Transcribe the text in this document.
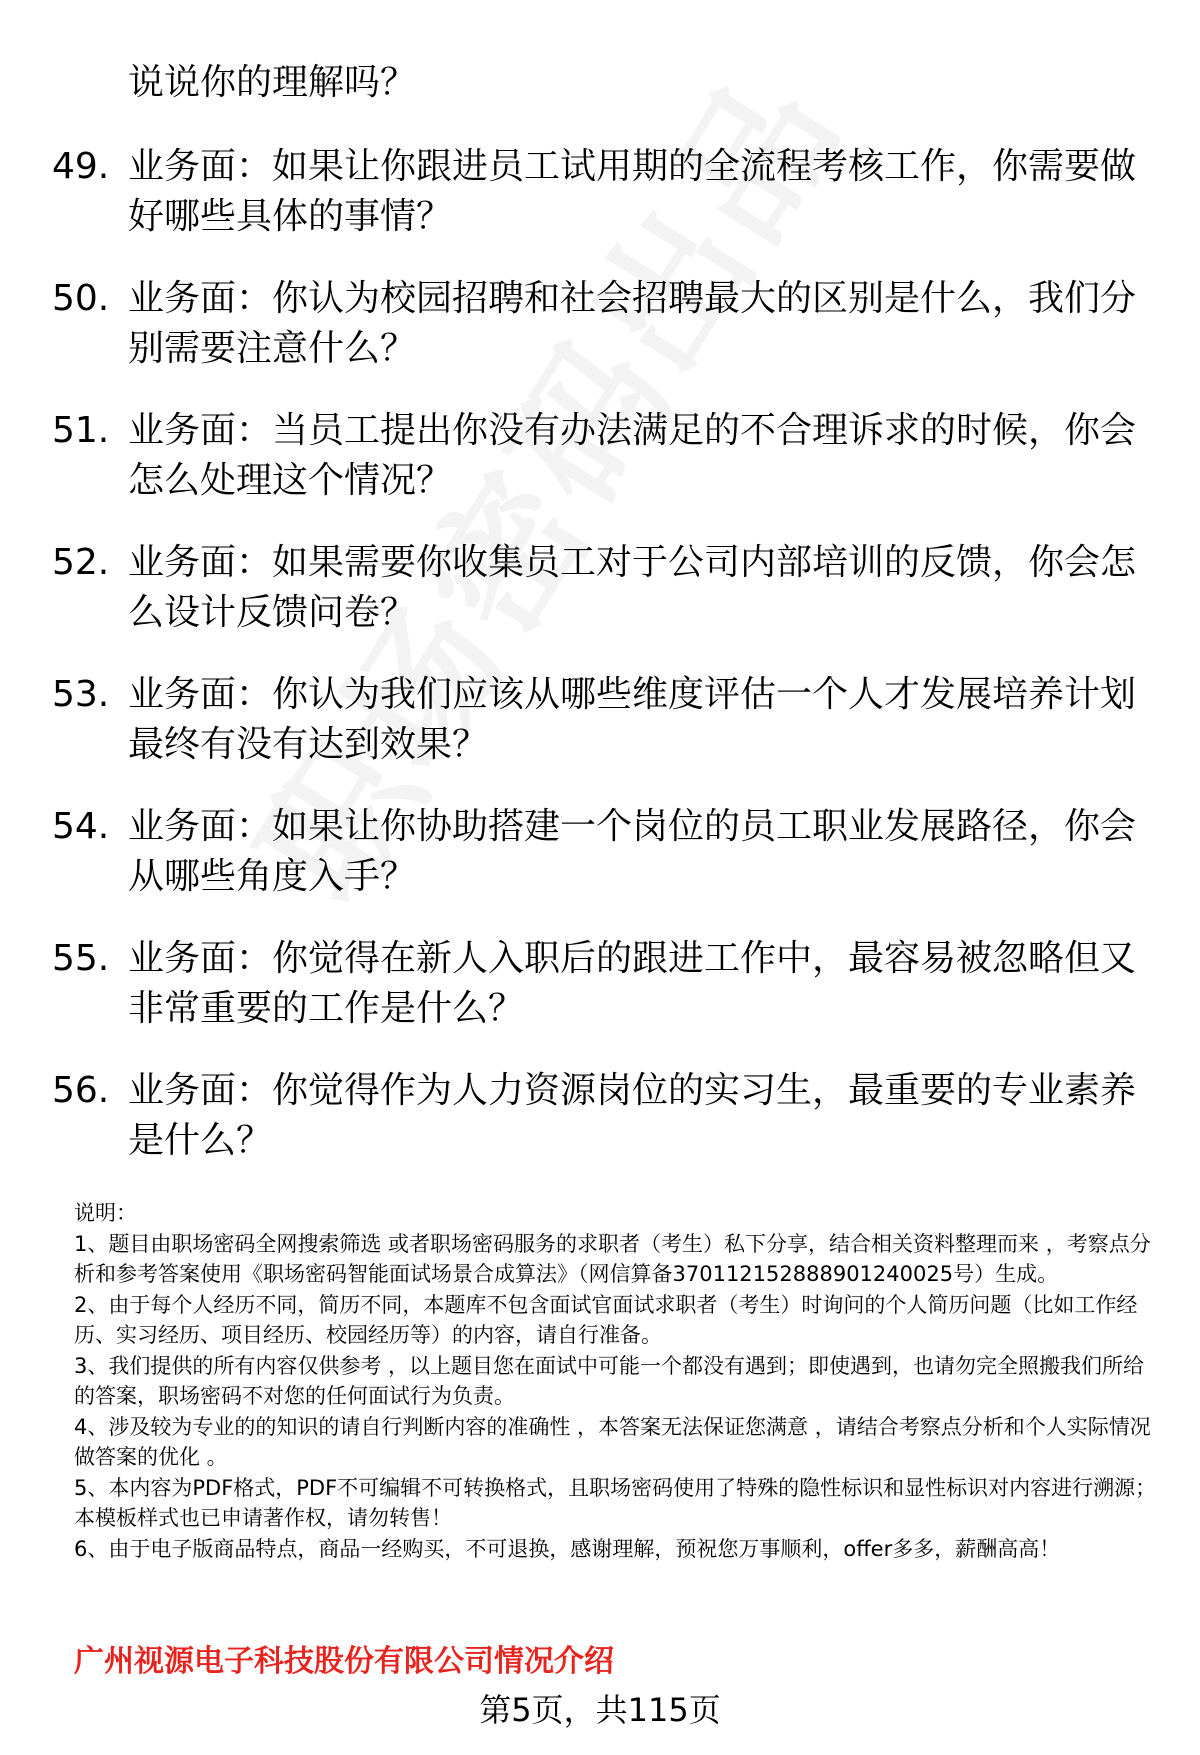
说说你的理解吗？
49. 业务面：如果让你跟进员工试用期的全流程考核工作，你需要做好哪些具体的事情？
50. 业务面：你认为校园招聘和社会招聘最大的区别是什么，我们分别需要注意什么？
51. 业务面：当员工提出你没有办法满足的不合理诉求的时候，你会怎么处理这个情况？
52. 业务面：如果需要你收集员工对于公司内部培训的反馈，你会怎么设计反馈问卷？
53. 业务面：你认为我们应该从哪些维度评估一个人才发展培养计划最终有没有达到效果？
54. 业务面：如果让你协助搭建一个岗位的员工职业发展路径，你会从哪些角度入手？
55. 业务面：你觉得在新人入职后的跟进工作中，最容易被忽略但又非常重要的工作是什么？
56. 业务面：你觉得作为人力资源岗位的实习生，最重要的专业素养是什么？

说明：

1、题目由职场密码全网搜索筛选 或者职场密码服务的求职者（考生）私下分享，结合相关资料整理而来 ，考察点分析和参考答案使用《职场密码智能面试场景合成算法》（网信算备370112152888901240025号）生成。

2、由于每个人经历不同，简历不同，本题库不包含面试官面试求职者（考生）时询问的个人简历问题（比如工作经历、实习经历、项目经历、校园经历等）的内容，请自行准备。

3、我们提供的所有内容仅供参考 ，以上题目您在面试中可能一个都没有遇到；即使遇到，也请勿完全照搬我们所给的答案，职场密码不对您的任何面试行为负责。

4、涉及较为专业的的知识的请自行判断内容的准确性 ，本答案无法保证您满意 ，请结合考察点分析和个人实际情况做答案的优化 。

5、本内容为PDF格式，PDF不可编辑不可转换格式，且职场密码使用了特殊的隐性标识和显性标识对内容进行溯源；本模板样式也已申请著作权，请勿转售！

6、由于电子版商品特点，商品一经购买，不可退换，感谢理解，预祝您万事顺利，offer多多，薪酬高高！

广州视源电子科技股份有限公司情况介绍
第5页，共115页
